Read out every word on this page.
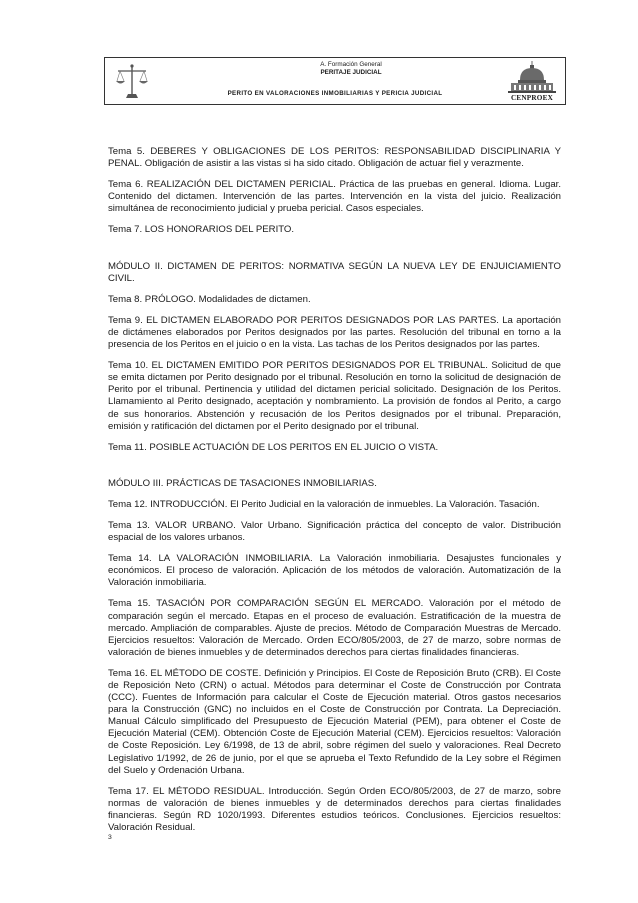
A. Formación General
PERITAJE JUDICIAL
PERITO EN VALORACIONES INMOBILIARIAS Y PERICIA JUDICIAL
CENPROEX

Tema 5. DEBERES Y OBLIGACIONES DE LOS PERITOS: RESPONSABILIDAD DISCIPLINARIA Y PENAL. Obligación de asistir a las vistas si ha sido citado. Obligación de actuar fiel y verazmente.

Tema 6. REALIZACIÓN DEL DICTAMEN PERICIAL. Práctica de las pruebas en general. Idioma. Lugar. Contenido del dictamen. Intervención de las partes. Intervención en la vista del juicio. Realización simultánea de reconocimiento judicial y prueba pericial. Casos especiales.

Tema 7. LOS HONORARIOS DEL PERITO.

MÓDULO II. DICTAMEN DE PERITOS: NORMATIVA SEGÚN LA NUEVA LEY DE ENJUICIAMIENTO CIVIL.

Tema 8. PRÓLOGO. Modalidades de dictamen.

Tema 9. EL DICTAMEN ELABORADO POR PERITOS DESIGNADOS POR LAS PARTES. La aportación de dictámenes elaborados por Peritos designados por las partes. Resolución del tribunal en torno a la presencia de los Peritos en el juicio o en la vista. Las tachas de los Peritos designados por las partes.

Tema 10. EL DICTAMEN EMITIDO POR PERITOS DESIGNADOS POR EL TRIBUNAL. Solicitud de que se emita dictamen por Perito designado por el tribunal. Resolución en torno la solicitud de designación de Perito por el tribunal. Pertinencia y utilidad del dictamen pericial solicitado. Designación de los Peritos. Llamamiento al Perito designado, aceptación y nombramiento. La provisión de fondos al Perito, a cargo de sus honorarios. Abstención y recusación de los Peritos designados por el tribunal. Preparación, emisión y ratificación del dictamen por el Perito designado por el tribunal.

Tema 11. POSIBLE ACTUACIÓN DE LOS PERITOS EN EL JUICIO O VISTA.

MÓDULO III. PRÁCTICAS DE TASACIONES INMOBILIARIAS.

Tema 12. INTRODUCCIÓN. El Perito Judicial en la valoración de inmuebles. La Valoración. Tasación.

Tema 13. VALOR URBANO. Valor Urbano. Significación práctica del concepto de valor. Distribución espacial de los valores urbanos.

Tema 14. LA VALORACIÓN INMOBILIARIA. La Valoración inmobiliaria. Desajustes funcionales y económicos. El proceso de valoración. Aplicación de los métodos de valoración. Automatización de la Valoración inmobiliaria.

Tema 15. TASACIÓN POR COMPARACIÓN SEGÚN EL MERCADO. Valoración por el método de comparación según el mercado. Etapas en el proceso de evaluación. Estratificación de la muestra de mercado. Ampliación de comparables. Ajuste de precios. Método de Comparación Muestras de Mercado. Ejercicios resueltos: Valoración de Mercado. Orden ECO/805/2003, de 27 de marzo, sobre normas de valoración de bienes inmuebles y de determinados derechos para ciertas finalidades financieras.

Tema 16. EL MÉTODO DE COSTE. Definición y Principios. El Coste de Reposición Bruto (CRB). El Coste de Reposición Neto (CRN) o actual. Métodos para determinar el Coste de Construcción por Contrata (CCC). Fuentes de Información para calcular el Coste de Ejecución material. Otros gastos necesarios para la Construcción (GNC) no incluidos en el Coste de Construcción por Contrata. La Depreciación. Manual Cálculo simplificado del Presupuesto de Ejecución Material (PEM), para obtener el Coste de Ejecución Material (CEM). Obtención Coste de Ejecución Material (CEM). Ejercicios resueltos: Valoración de Coste Reposición. Ley 6/1998, de 13 de abril, sobre régimen del suelo y valoraciones. Real Decreto Legislativo 1/1992, de 26 de junio, por el que se aprueba el Texto Refundido de la Ley sobre el Régimen del Suelo y Ordenación Urbana.

Tema 17. EL MÉTODO RESIDUAL. Introducción. Según Orden ECO/805/2003, de 27 de marzo, sobre normas de valoración de bienes inmuebles y de determinados derechos para ciertas finalidades financieras. Según RD 1020/1993. Diferentes estudios teóricos. Conclusiones. Ejercicios resueltos: Valoración Residual.

3
